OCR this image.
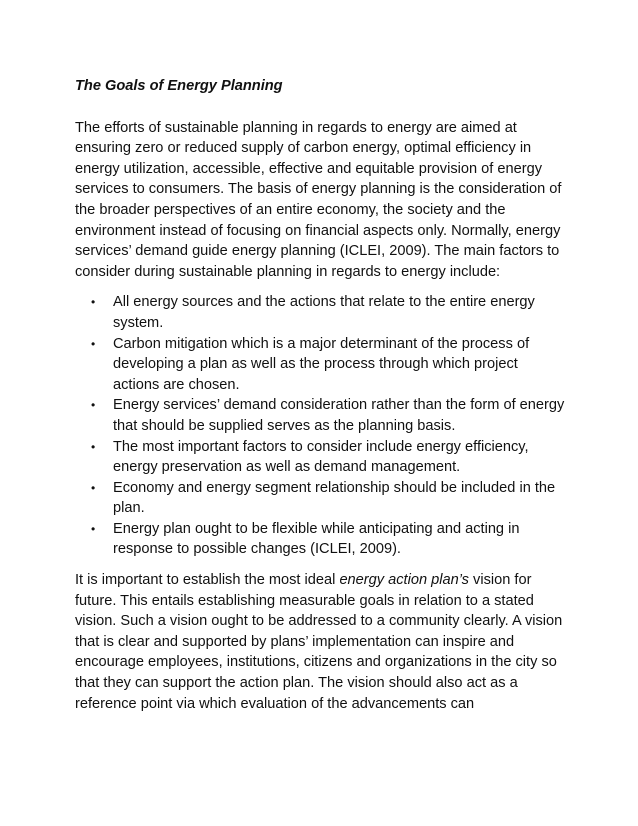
The Goals of Energy Planning

The efforts of sustainable planning in regards to energy are aimed at ensuring zero or reduced supply of carbon energy, optimal efficiency in energy utilization, accessible, effective and equitable provision of energy services to consumers. The basis of energy planning is the consideration of the broader perspectives of an entire economy, the society and the environment instead of focusing on financial aspects only. Normally, energy services’ demand guide energy planning (ICLEI, 2009). The main factors to consider during sustainable planning in regards to energy include:

• All energy sources and the actions that relate to the entire energy system.
• Carbon mitigation which is a major determinant of the process of developing a plan as well as the process through which project actions are chosen.
• Energy services’ demand consideration rather than the form of energy that should be supplied serves as the planning basis.
• The most important factors to consider include energy efficiency, energy preservation as well as demand management.
• Economy and energy segment relationship should be included in the plan.
• Energy plan ought to be flexible while anticipating and acting in response to possible changes (ICLEI, 2009).

It is important to establish the most ideal energy action plan’s vision for future. This entails establishing measurable goals in relation to a stated vision. Such a vision ought to be addressed to a community clearly. A vision that is clear and supported by plans’ implementation can inspire and encourage employees, institutions, citizens and organizations in the city so that they can support the action plan. The vision should also act as a reference point via which evaluation of the advancements can
